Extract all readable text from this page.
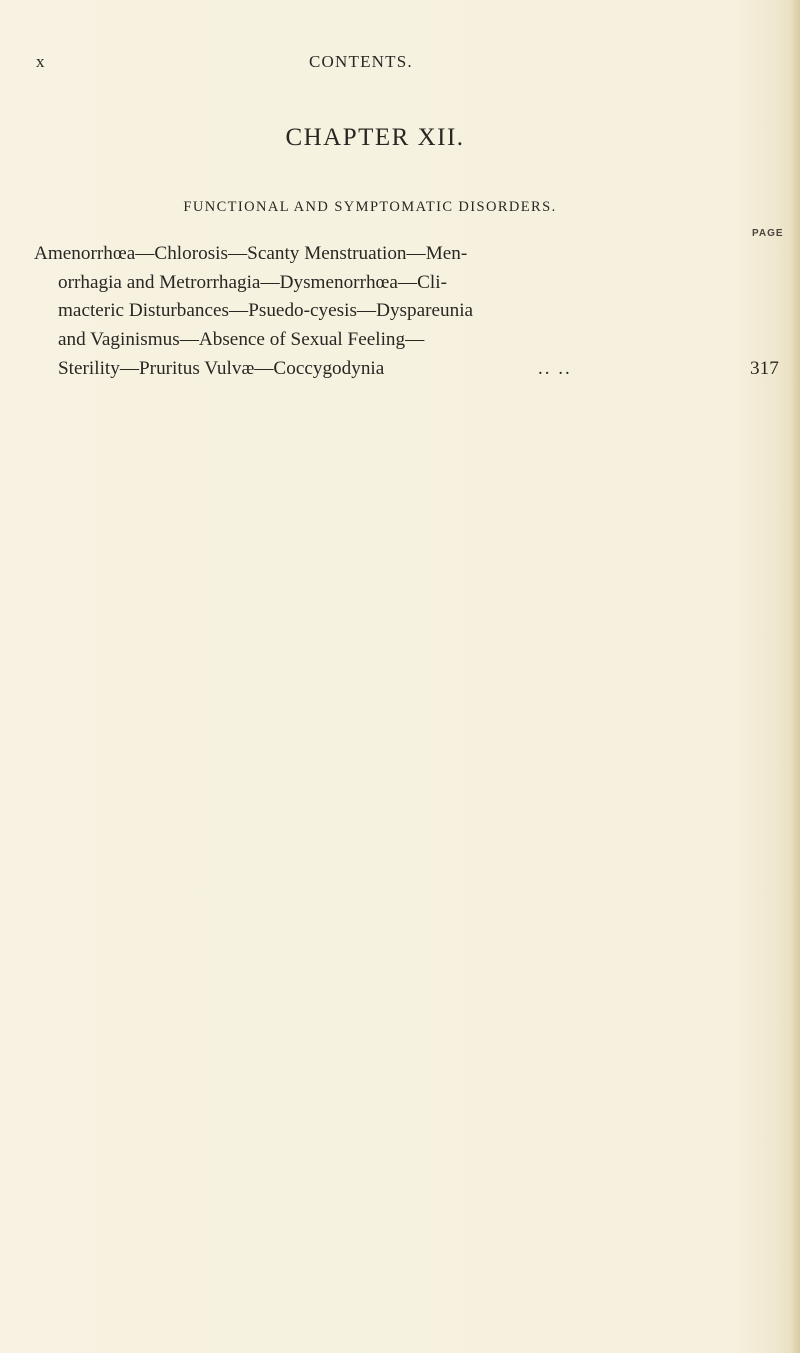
x	CONTENTS.
CHAPTER XII.
FUNCTIONAL AND SYMPTOMATIC DISORDERS.
PAGE
Amenorrhœa—Chlorosis—Scanty Menstruation—Men-
orrhagia and Metrorrhagia—Dysmenorrhœa—Cli-
macteric Disturbances—Psuedo-cyesis—Dyspareunia
and Vaginismus—Absence of Sexual Feeling—
Sterility—Pruritus Vulvæ—Coccygodynia	.. ..	317
